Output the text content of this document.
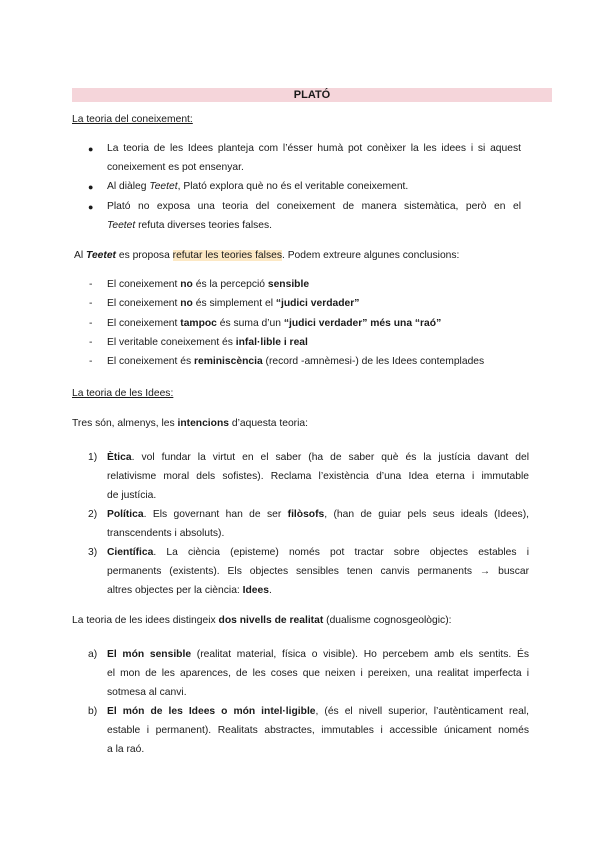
PLATÓ
La teoria del coneixement:
● La teoria de les Idees planteja com l’ésser humà pot conèixer la les idees i si aquest
coneixement es pot ensenyar.
● Al diàleg Teetet, Plató explora què no és el veritable coneixement.
● Plató no exposa una teoria del coneixement de manera sistemàtica, però en el
Teetet refuta diverses teories falses.
Al Teetet es proposa refutar les teories falses. Podem extreure algunes conclusions:
- El coneixement no és la percepció sensible
- El coneixement no és simplement el “judici verdader”
- El coneixement tampoc és suma d’un “judici verdader” més una “raó”
- El veritable coneixement és infal·lible i real
- El coneixement és reminiscència (record -amnèmesi-) de les Idees contemplades
La teoria de les Idees:
Tres són, almenys, les intencions d’aquesta teoria:
1) Ètica. vol fundar la virtut en el saber (ha de saber què és la justícia davant del
relativisme moral dels sofistes). Reclama l’existència d’una Idea eterna i immutable
de justícia.
2) Política. Els governant han de ser filòsofs, (han de guiar pels seus ideals (Idees),
transcendents i absoluts).
3) Científica. La ciència (episteme) només pot tractar sobre objectes estables i
permanents (existents). Els objectes sensibles tenen canvis permanents → buscar
altres objectes per la ciència: Idees.
La teoria de les idees distingeix dos nivells de realitat (dualisme cognosgeològic):
a) El món sensible (realitat material, física o visible). Ho percebem amb els sentits. És
el mon de les aparences, de les coses que neixen i pereixen, una realitat imperfecta i
sotmesa al canvi.
b) El món de les Idees o món intel·ligible, (és el nivell superior, l’autènticament real,
estable i permanent). Realitats abstractes, immutables i accessible únicament només
a la raó.
